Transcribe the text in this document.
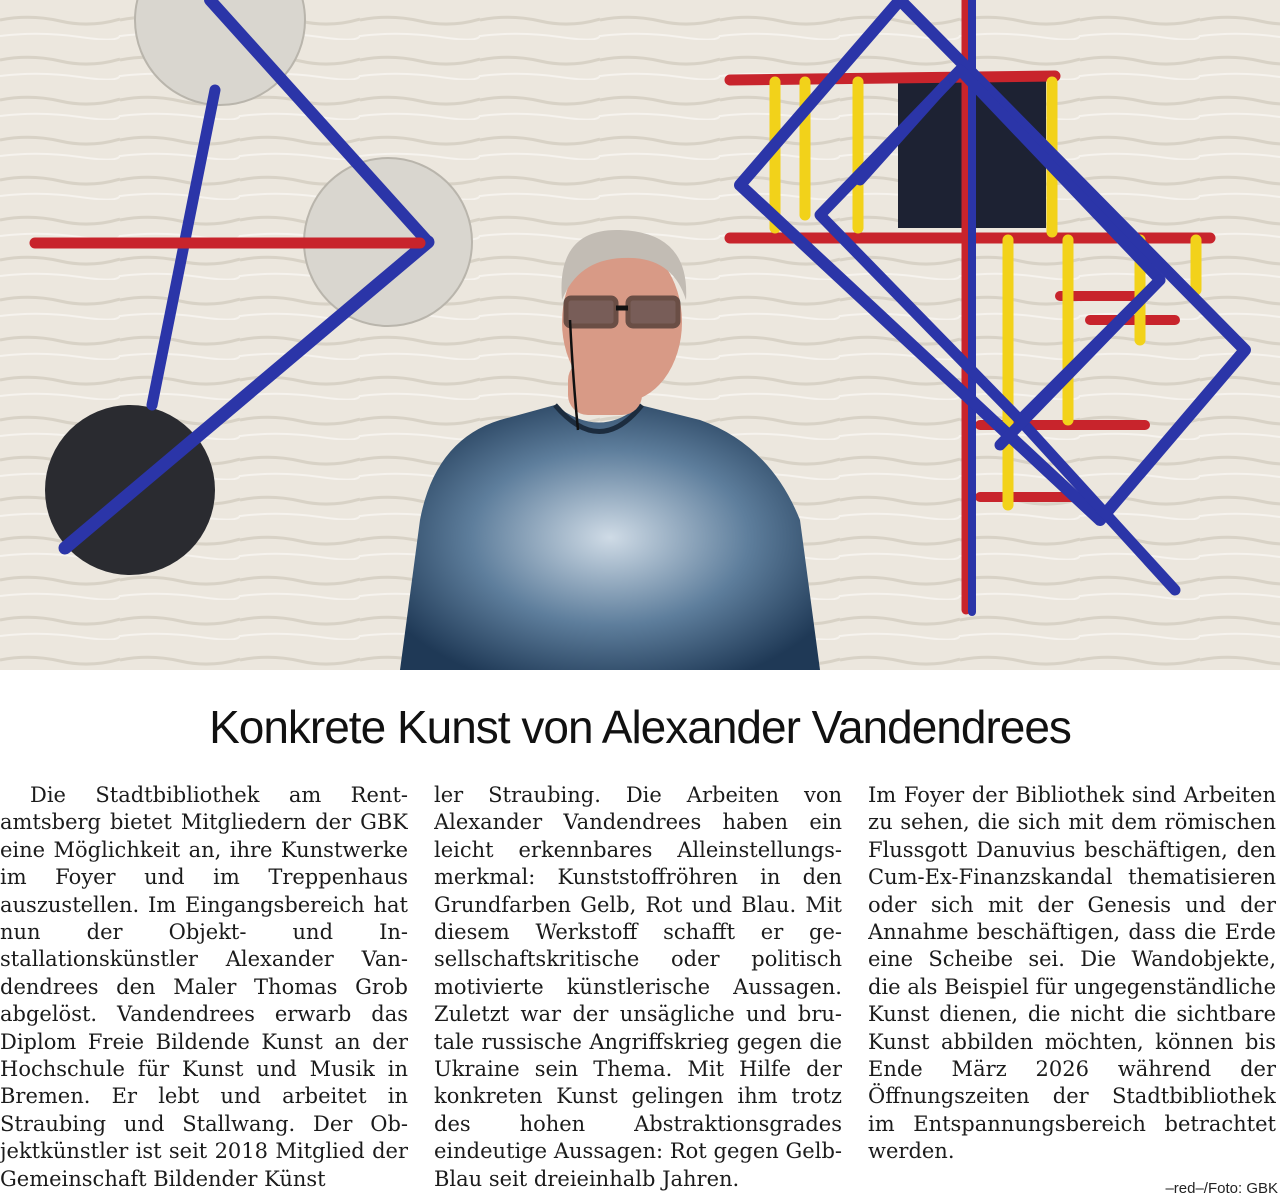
Konkrete Kunst von Alexander Vandendrees

Die Stadtbibliothek am Rentamtsberg bietet Mitgliedern der GBK eine Möglichkeit an, ihre Kunstwerke im Foyer und im Treppenhaus auszustellen. Im Eingangsbereich hat nun der Objekt- und Installationskünstler Alexander Vandendrees den Maler Thomas Grob abgelöst. Vandendrees erwarb das Diplom Freie Bildende Kunst an der Hochschule für Kunst und Musik in Bremen. Er lebt und arbeitet in Straubing und Stallwang. Der Objektkünstler ist seit 2018 Mitglied der Gemeinschaft Bildender Künst

ler Straubing. Die Arbeiten von Alexander Vandendrees haben ein leicht erkennbares Alleinstellungsmerkmal: Kunststoffröhren in den Grundfarben Gelb, Rot und Blau. Mit diesem Werkstoff schafft er gesellschaftskritische oder politisch motivierte künstlerische Aussagen. Zuletzt war der unsägliche und brutale russische Angriffskrieg gegen die Ukraine sein Thema. Mit Hilfe der konkreten Kunst gelingen ihm trotz des hohen Abstraktionsgrades eindeutige Aussagen: Rot gegen Gelb-Blau seit dreieinhalb Jahren.

Im Foyer der Bibliothek sind Arbeiten zu sehen, die sich mit dem römischen Flussgott Danuvius beschäftigen, den Cum-Ex-Finanzskandal thematisieren oder sich mit der Genesis und der Annahme beschäftigen, dass die Erde eine Scheibe sei. Die Wandobjekte, die als Beispiel für ungegenständliche Kunst dienen, die nicht die sichtbare Kunst abbilden möchten, können bis Ende März 2026 während der Öffnungszeiten der Stadtbibliothek im Entspannungsbereich betrachtet werden.

–red–/Foto: GBK
